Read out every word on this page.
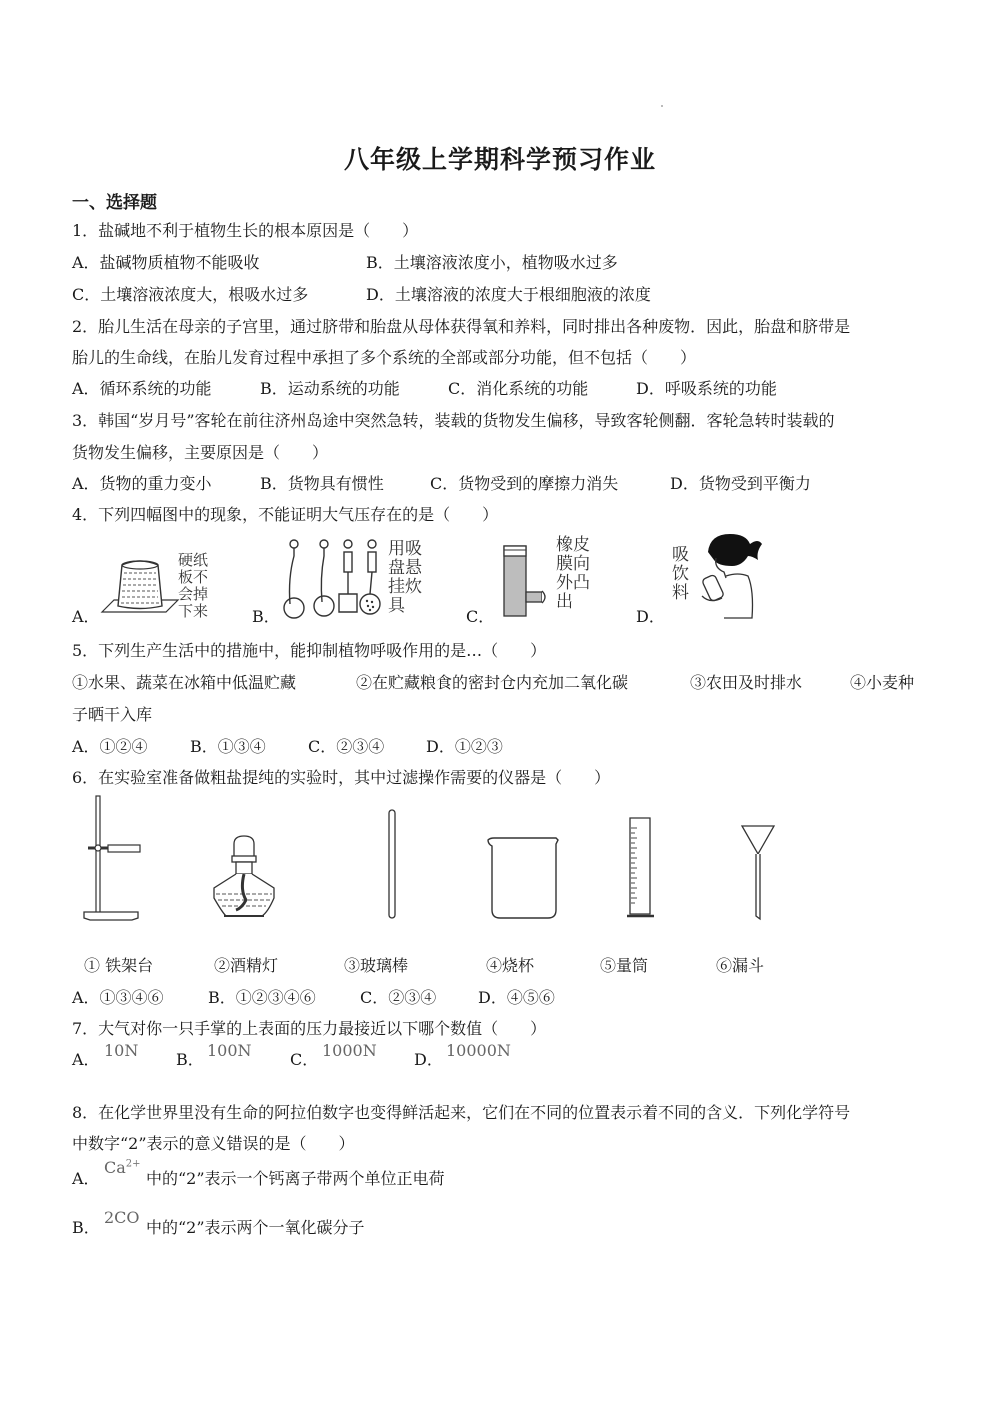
八年级上学期科学预习作业
一、选择题
1．盐碱地不利于植物生长的根本原因是（　　）
A．盐碱物质植物不能吸收	B．土壤溶液浓度小，植物吸水过多
C．土壤溶液浓度大，根吸水过多	D．土壤溶液的浓度大于根细胞液的浓度
2．胎儿生活在母亲的子宫里，通过脐带和胎盘从母体获得氧和养料，同时排出各种废物．因此，胎盘和脐带是
胎儿的生命线，在胎儿发育过程中承担了多个系统的全部或部分功能，但不包括（　　）
A．循环系统的功能	B．运动系统的功能	C．消化系统的功能	D．呼吸系统的功能
3．韩国“岁月号”客轮在前往济州岛途中突然急转，装载的货物发生偏移，导致客轮侧翻．客轮急转时装载的
货物发生偏移，主要原因是（　　）
A．货物的重力变小	B．货物具有惯性	C．货物受到的摩擦力消失	D．货物受到平衡力
4．下列四幅图中的现象，不能证明大气压存在的是（　　）
A．
硬纸板不会掉下来	B．
用吸盘悬挂炊具
C．
橡皮膜向外凸出
D．
吸饮料
5．下列生产生活中的措施中，能抑制植物呼吸作用的是…（　　）
①水果、蔬菜在冰箱中低温贮藏	②在贮藏粮食的密封仓内充加二氧化碳	③农田及时排水	④小麦种
子晒干入库
A．①②④	B．①③④	C．②③④	D．①②③
6．在实验室准备做粗盐提纯的实验时，其中过滤操作需要的仪器是（　　）
① 铁架台	②酒精灯	③玻璃棒	④烧杯	⑤量筒	⑥漏斗
A．①③④⑥	B．①②③④⑥	C．②③④	D．④⑤⑥
7．大气对你一只手掌的上表面的压力最接近以下哪个数值（　　）
A． 10N B． 100N C． 1000N D． 10000N
8．在化学世界里没有生命的阿拉伯数字也变得鲜活起来，它们在不同的位置表示着不同的含义．下列化学符号
中数字“2”表示的意义错误的是（　　）
A．
$Ca^{2+}$
中的“2”表示一个钙离子带两个单位正电荷
B．
2CO
中的“2”表示两个一氧化碳分子
